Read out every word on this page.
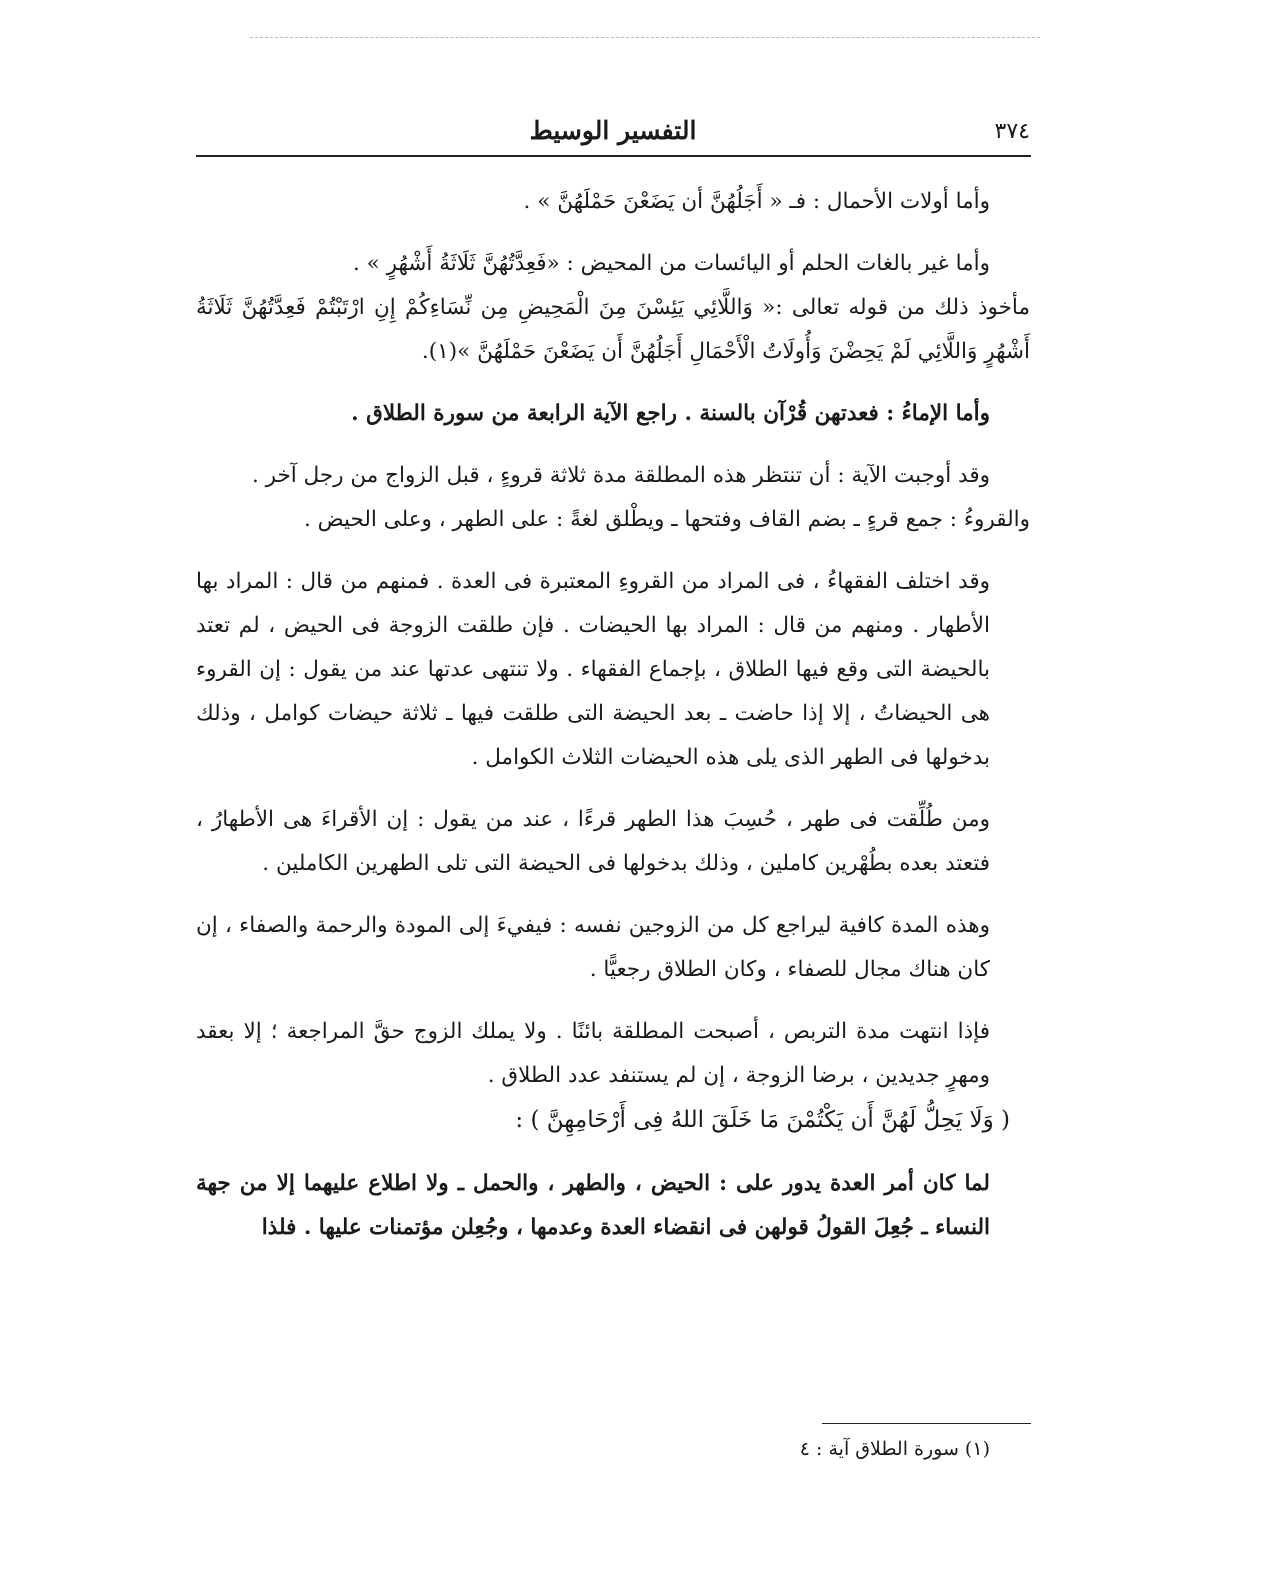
التفسير الوسيط	٣٧٤

وأما أولات الأحمال : فـ « أَجَلُهُنَّ أن يَضَعْنَ حَمْلَهُنَّ » .

وأما غير بالغات الحلم أو اليائسات من المحيض : «فَعِدَّتُهُنَّ ثَلَاثَةُ أَشْهُرٍ » .

مأخوذ ذلك من قوله تعالى :« وَاللَّائِي يَئِسْنَ مِنَ الْمَحِيضِ مِن نِّسَاءِكُمْ إِنِ ارْتَبْتُمْ فَعِدَّتُهُنَّ ثَلَاثَةُ أَشْهُرٍ وَاللَّائِي لَمْ يَحِضْنَ وَأُولَاتُ الْأَحْمَالِ أَجَلُهُنَّ أَن يَضَعْنَ حَمْلَهُنَّ »(١).

وأما الإماءُ : فعدتهن قُرْآن بالسنة . راجع الآية الرابعة من سورة الطلاق .

وقد أوجبت الآية : أن تنتظر هذه المطلقة مدة ثلاثة قروءٍ ، قبل الزواج من رجل آخر .

والقروءُ : جمع قرءٍ ـ بضم القاف وفتحها ـ ويطْلق لغةً : على الطهر ، وعلى الحيض .

وقد اختلف الفقهاءُ ، فى المراد من القروءِ المعتبرة فى العدة . فمنهم من قال : المراد بها الأطهار . ومنهم من قال : المراد بها الحيضات . فإن طلقت الزوجة فى الحيض ، لم تعتد بالحيضة التى وقع فيها الطلاق ، بإجماع الفقهاء . ولا تنتهى عدتها عند من يقول : إن القروء هى الحيضاتُ ، إلا إذا حاضت ـ بعد الحيضة التى طلقت فيها ـ ثلاثة حيضات كوامل ، وذلك بدخولها فى الطهر الذى يلى هذه الحيضات الثلاث الكوامل .

ومن طُلِّقت فى طهر ، حُسِبَ هذا الطهر قرءًا ، عند من يقول : إن الأقراءَ هى الأطهارُ ، فتعتد بعده بطُهْرين كاملين ، وذلك بدخولها فى الحيضة التى تلى الطهرين الكاملين .

وهذه المدة كافية ليراجع كل من الزوجين نفسه : فيفيءَ إلى المودة والرحمة والصفاء ، إن كان هناك مجال للصفاء ، وكان الطلاق رجعيًّا .

فإذا انتهت مدة التربص ، أصبحت المطلقة بائنًا . ولا يملك الزوج حقَّ المراجعة ؛ إلا بعقد ومهرٍ جديدين ، برضا الزوجة ، إن لم يستنفد عدد الطلاق .

( وَلَا يَحِلُّ لَهُنَّ أَن يَكْتُمْنَ مَا خَلَقَ اللهُ فِى أَرْحَامِهِنَّ ) :

لما كان أمر العدة يدور على : الحيض ، والطهر ، والحمل ـ ولا اطلاع عليهما إلا من جهة النساء ـ جُعِلَ القولُ قولهن فى انقضاء العدة وعدمها ، وجُعِلن مؤتمنات عليها . فلذا

(١) سورة الطلاق آية : ٤
